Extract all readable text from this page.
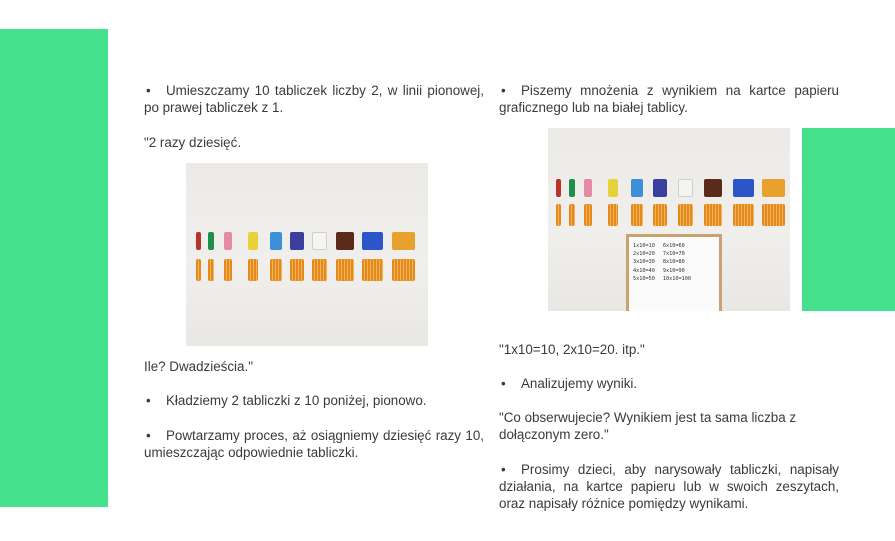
• Umieszczamy 10 tabliczek liczby 2, w linii pionowej, po prawej tabliczek z 1.

"2 razy dziesięć.

Ile? Dwadzieścia."

• Kładziemy 2 tabliczki z 10 poniżej, pionowo.

• Powtarzamy proces, aż osiągniemy dziesięć razy 10, umieszczając odpowiednie tabliczki.

• Piszemy mnożenia z wynikiem na kartce papieru graficznego lub na białej tablicy.

"1x10=10, 2x10=20. itp."

• Analizujemy wyniki.

"Co obserwujecie? Wynikiem jest ta sama liczba z dołączonym zero."

• Prosimy dzieci, aby narysowały tabliczki, napisały działania, na kartce papieru lub w swoich zeszytach, oraz napisały różnice pomiędzy wynikami.

1x10=10
2x10=20
3x10=30
4x10=40
5x10=50
6x10=60
7x10=70
8x10=80
9x10=90
10x10=100
